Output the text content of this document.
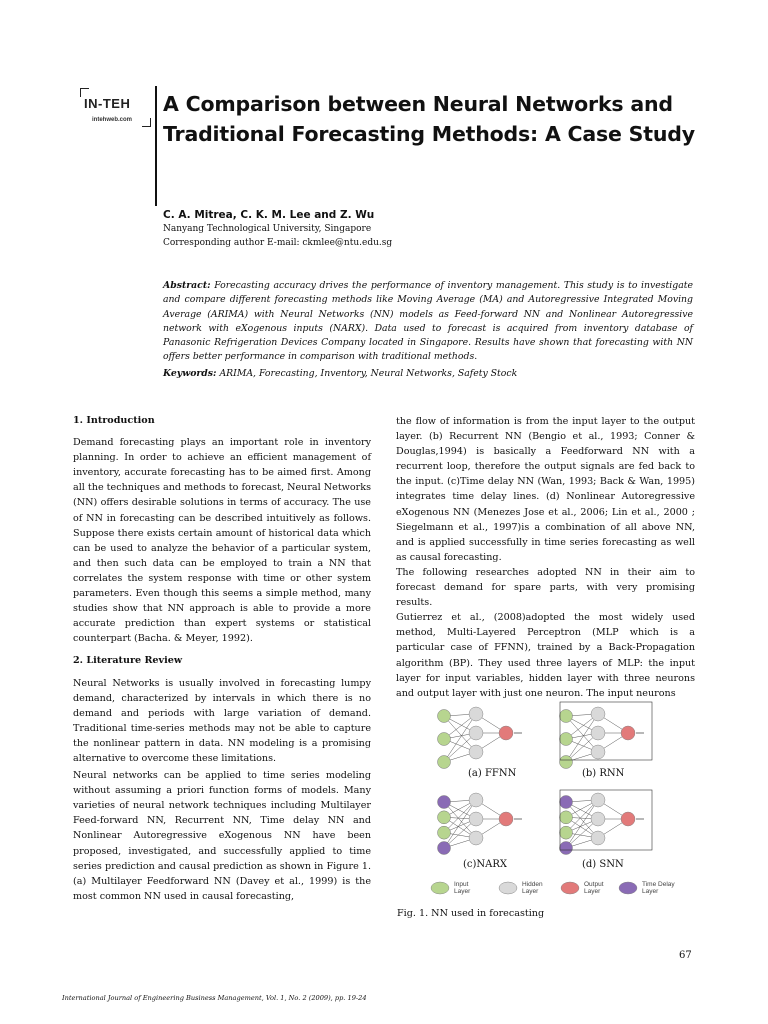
IN-TEH
intehweb.com
A Comparison between Neural Networks and Traditional Forecasting Methods: A Case Study
C. A. Mitrea, C. K. M. Lee and Z. Wu
Nanyang Technological University, Singapore
Corresponding author E-mail: ckmlee@ntu.edu.sg
Abstract: Forecasting accuracy drives the performance of inventory management. This study is to investigate and compare different forecasting methods like Moving Average (MA) and Autoregressive Integrated Moving Average (ARIMA) with Neural Networks (NN) models as Feed-forward NN and Nonlinear Autoregressive network with eXogenous inputs (NARX). Data used to forecast is acquired from inventory database of Panasonic Refrigeration Devices Company located in Singapore. Results have shown that forecasting with NN offers better performance in comparison with traditional methods.
Keywords: ARIMA, Forecasting, Inventory, Neural Networks, Safety Stock

1. Introduction

Demand forecasting plays an important role in inventory planning. In order to achieve an efficient management of inventory, accurate forecasting has to be aimed first. Among all the techniques and methods to forecast, Neural Networks (NN) offers desirable solutions in terms of accuracy. The use of NN in forecasting can be described intuitively as follows. Suppose there exists certain amount of historical data which can be used to analyze the behavior of a particular system, and then such data can be employed to train a NN that correlates the system response with time or other system parameters. Even though this seems a simple method, many studies show that NN approach is able to provide a more accurate prediction than expert systems or statistical counterpart (Bacha. & Meyer, 1992).

2. Literature Review

Neural Networks is usually involved in forecasting lumpy demand, characterized by intervals in which there is no demand and periods with large variation of demand. Traditional time-series methods may not be able to capture the nonlinear pattern in data. NN modeling is a promising alternative to overcome these limitations.

Neural networks can be applied to time series modeling without assuming a priori function forms of models. Many varieties of neural network techniques including Multilayer Feed-forward NN, Recurrent NN, Time delay NN and Nonlinear Autoregressive eXogenous NN have been proposed, investigated, and successfully applied to time series prediction and causal prediction as shown in Figure 1. (a) Multilayer Feedforward NN (Davey et al., 1999) is the most common NN used in causal forecasting,

the flow of information is from the input layer to the output layer. (b) Recurrent NN (Bengio et al., 1993; Conner & Douglas,1994) is basically a Feedforward NN with a recurrent loop, therefore the output signals are fed back to the input. (c)Time delay NN (Wan, 1993; Back & Wan, 1995) integrates time delay lines. (d) Nonlinear Autoregressive eXogenous NN (Menezes Jose et al., 2006; Lin et al., 2000 ; Siegelmann et al., 1997)is a combination of all above NN, and is applied successfully in time series forecasting as well as causal forecasting.

The following researches adopted NN in their aim to forecast demand for spare parts, with very promising results.

Gutierrez et al., (2008)adopted the most widely used method, Multi-Layered Perceptron (MLP which is a particular case of FFNN), trained by a Back-Propagation algorithm (BP). They used three layers of MLP: the input layer for input variables, hidden layer with three neurons and output layer with just one neuron. The input neurons

(a) FFNN	(b) RNN
(c)NARX	(d) SNN
Input Layer
Hidden Layer
Output Layer
Time Delay Layer
Fig. 1. NN used in forecasting
67
International Journal of Engineering Business Management, Vol. 1, No. 2 (2009), pp. 19-24
